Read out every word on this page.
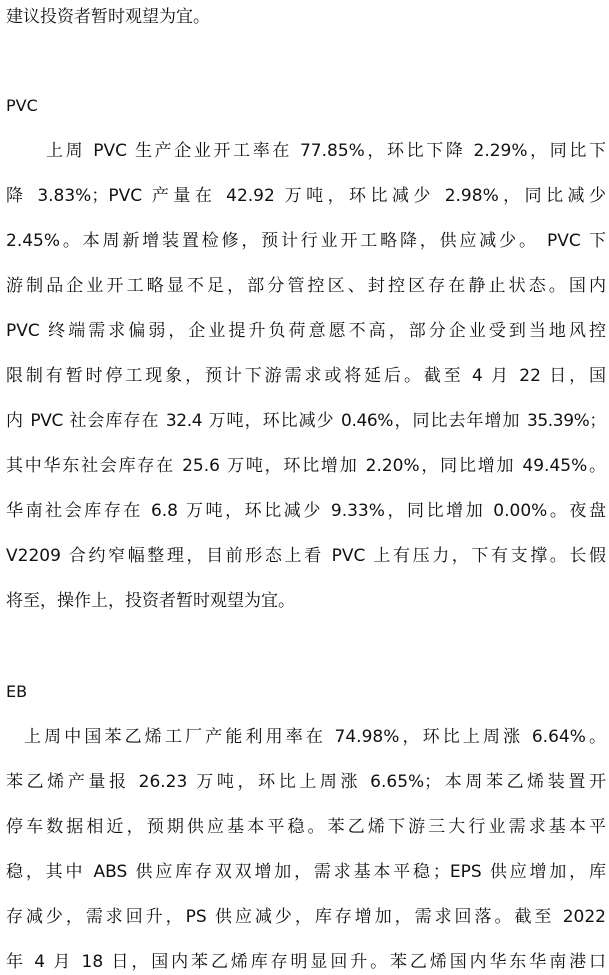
建议投资者暂时观望为宜。
PVC
上周 PVC 生产企业开工率在 77.85%，环比下降 2.29%，同比下
降 3.83%；PVC 产量在 42.92 万吨，环比减少 2.98%，同比减少
2.45%。本周新增装置检修，预计行业开工略降，供应减少。 PVC 下
游制品企业开工略显不足，部分管控区、封控区存在静止状态。国内
PVC 终端需求偏弱，企业提升负荷意愿不高，部分企业受到当地风控
限制有暂时停工现象，预计下游需求或将延后。截至 4 月 22 日，国
内 PVC 社会库存在 32.4 万吨，环比减少 0.46%，同比去年增加 35.39%；
其中华东社会库存在 25.6 万吨，环比增加 2.20%，同比增加 49.45%。
华南社会库存在 6.8 万吨，环比减少 9.33%，同比增加 0.00%。夜盘
V2209 合约窄幅整理，目前形态上看 PVC 上有压力，下有支撑。长假
将至，操作上，投资者暂时观望为宜。
EB
上周中国苯乙烯工厂产能利用率在 74.98%，环比上周涨 6.64%。
苯乙烯产量报 26.23 万吨，环比上周涨 6.65%；本周苯乙烯装置开
停车数据相近，预期供应基本平稳。苯乙烯下游三大行业需求基本平
稳，其中 ABS 供应库存双双增加，需求基本平稳；EPS 供应增加，库
存减少，需求回升，PS 供应减少，库存增加，需求回落。截至 2022
年 4 月 18 日，国内苯乙烯库存明显回升。苯乙烯国内华东华南港口
